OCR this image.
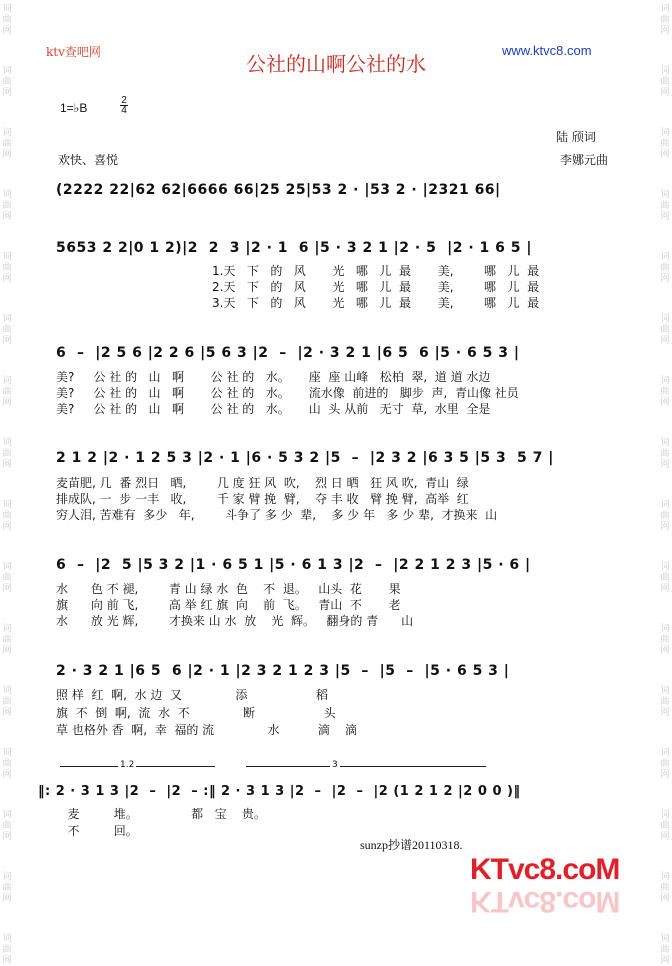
词
曲
网
词
曲
网
词
曲
网
词
曲
网
词
曲
网
词
曲
网
词
曲
网
词
曲
网
词
曲
网
词
曲
网
词
曲
网
词
曲
网
词
曲
网
词
曲
网
词
曲
网
词
曲
网
词
曲
网
词
曲
网
词
曲
网
词
曲
网
词
曲
网
词
曲
网
词
曲
网
词
曲
网
词
曲
网
词
曲
网
词
曲
网
词
曲
网
词
曲
网
词
曲
网
词
曲
网
词
曲
网
ktv查吧网	公社的山啊公社的水
www.ktvc8.com
1=♭B
2
4
陆 颀词
李娜元曲
欢快、喜悦
(2222 22|62 62|6666 66|25 25|53 2 · |53 2 · |2321 66|
5653 2 2|0 1 2)|2  2  3 |2 · 1  6 |5 · 3 2 1 |2 · 5  |2 · 1 6 5 |
1.天   下   的   风       光   哪   儿  最       美,        哪   儿  最
2.天   下   的   风       光   哪   儿  最       美,        哪   儿  最
3.天   下   的   风       光   哪   儿  最       美,        哪   儿  最
6  –  |2 5 6 |2 2 6 |5 6 3 |2  –  |2 · 3 2 1 |6 5  6 |5 · 6 5 3 |
美?     公 社 的   山   啊       公 社 的   水。     座  座 山峰   松柏  翠,  道 道 水边
美?     公 社 的   山   啊       公 社 的   水。     流水像  前进的   脚步  声,  青山像 社员
美?     公 社 的   山   啊       公 社 的   水。     山  头 从前   无寸  草,  水里  全是
2 1 2 |2 · 1 2 5 3 |2 · 1 |6 · 5 3 2 |5  –  |2 3 2 |6 3 5 |5 3  5 7 |
麦苗肥, 几  番 烈日   晒,        几 度 狂 风  吹,    烈 日 晒   狂 风 吹,  青山  绿
排成队, 一  步 一丰   收,        千 家 臂 挽  臂,    夺 丰 收   臂 挽 臂,  高举  红
穷人泪, 苦难有  多少   年,        斗争了 多 少  辈,    多 少 年   多 少 辈,  才换来  山
6  –  |2  5 |5 3 2 |1 · 6 5 1 |5 · 6 1 3 |2  –  |2 2 1 2 3 |5 · 6 |
水      色 不 褪,        青 山 绿 水  色    不  退。   山头  花       果
旗      向 前 飞,        高 举 红 旗  向    前  飞。   青山  不       老
水      放 光 辉,        才换来 山 水  放    光  辉。   翻身的 青      山
2 · 3 2 1 |6 5  6 |2 · 1 |2 3 2 1 2 3 |5  –  |5  –  |5 · 6 5 3 |
照 样  红  啊,  水 边  又              添                  稻
旗  不  倒  啊,  流  水  不              断                  头
草 也格外 香  啊,  幸  福的 流              水          滴    滴
1.2	3
‖: 2 · 3 1 3 |2  –  |2  – :‖ 2 · 3 1 3 |2  –  |2  –  |2 (1 2 1 2 |2 0 0 )‖
麦         堆。              都   宝    贵。
不         回。
sunzp抄谱20110318.
KTvc8.coM
KTvc8.coM
